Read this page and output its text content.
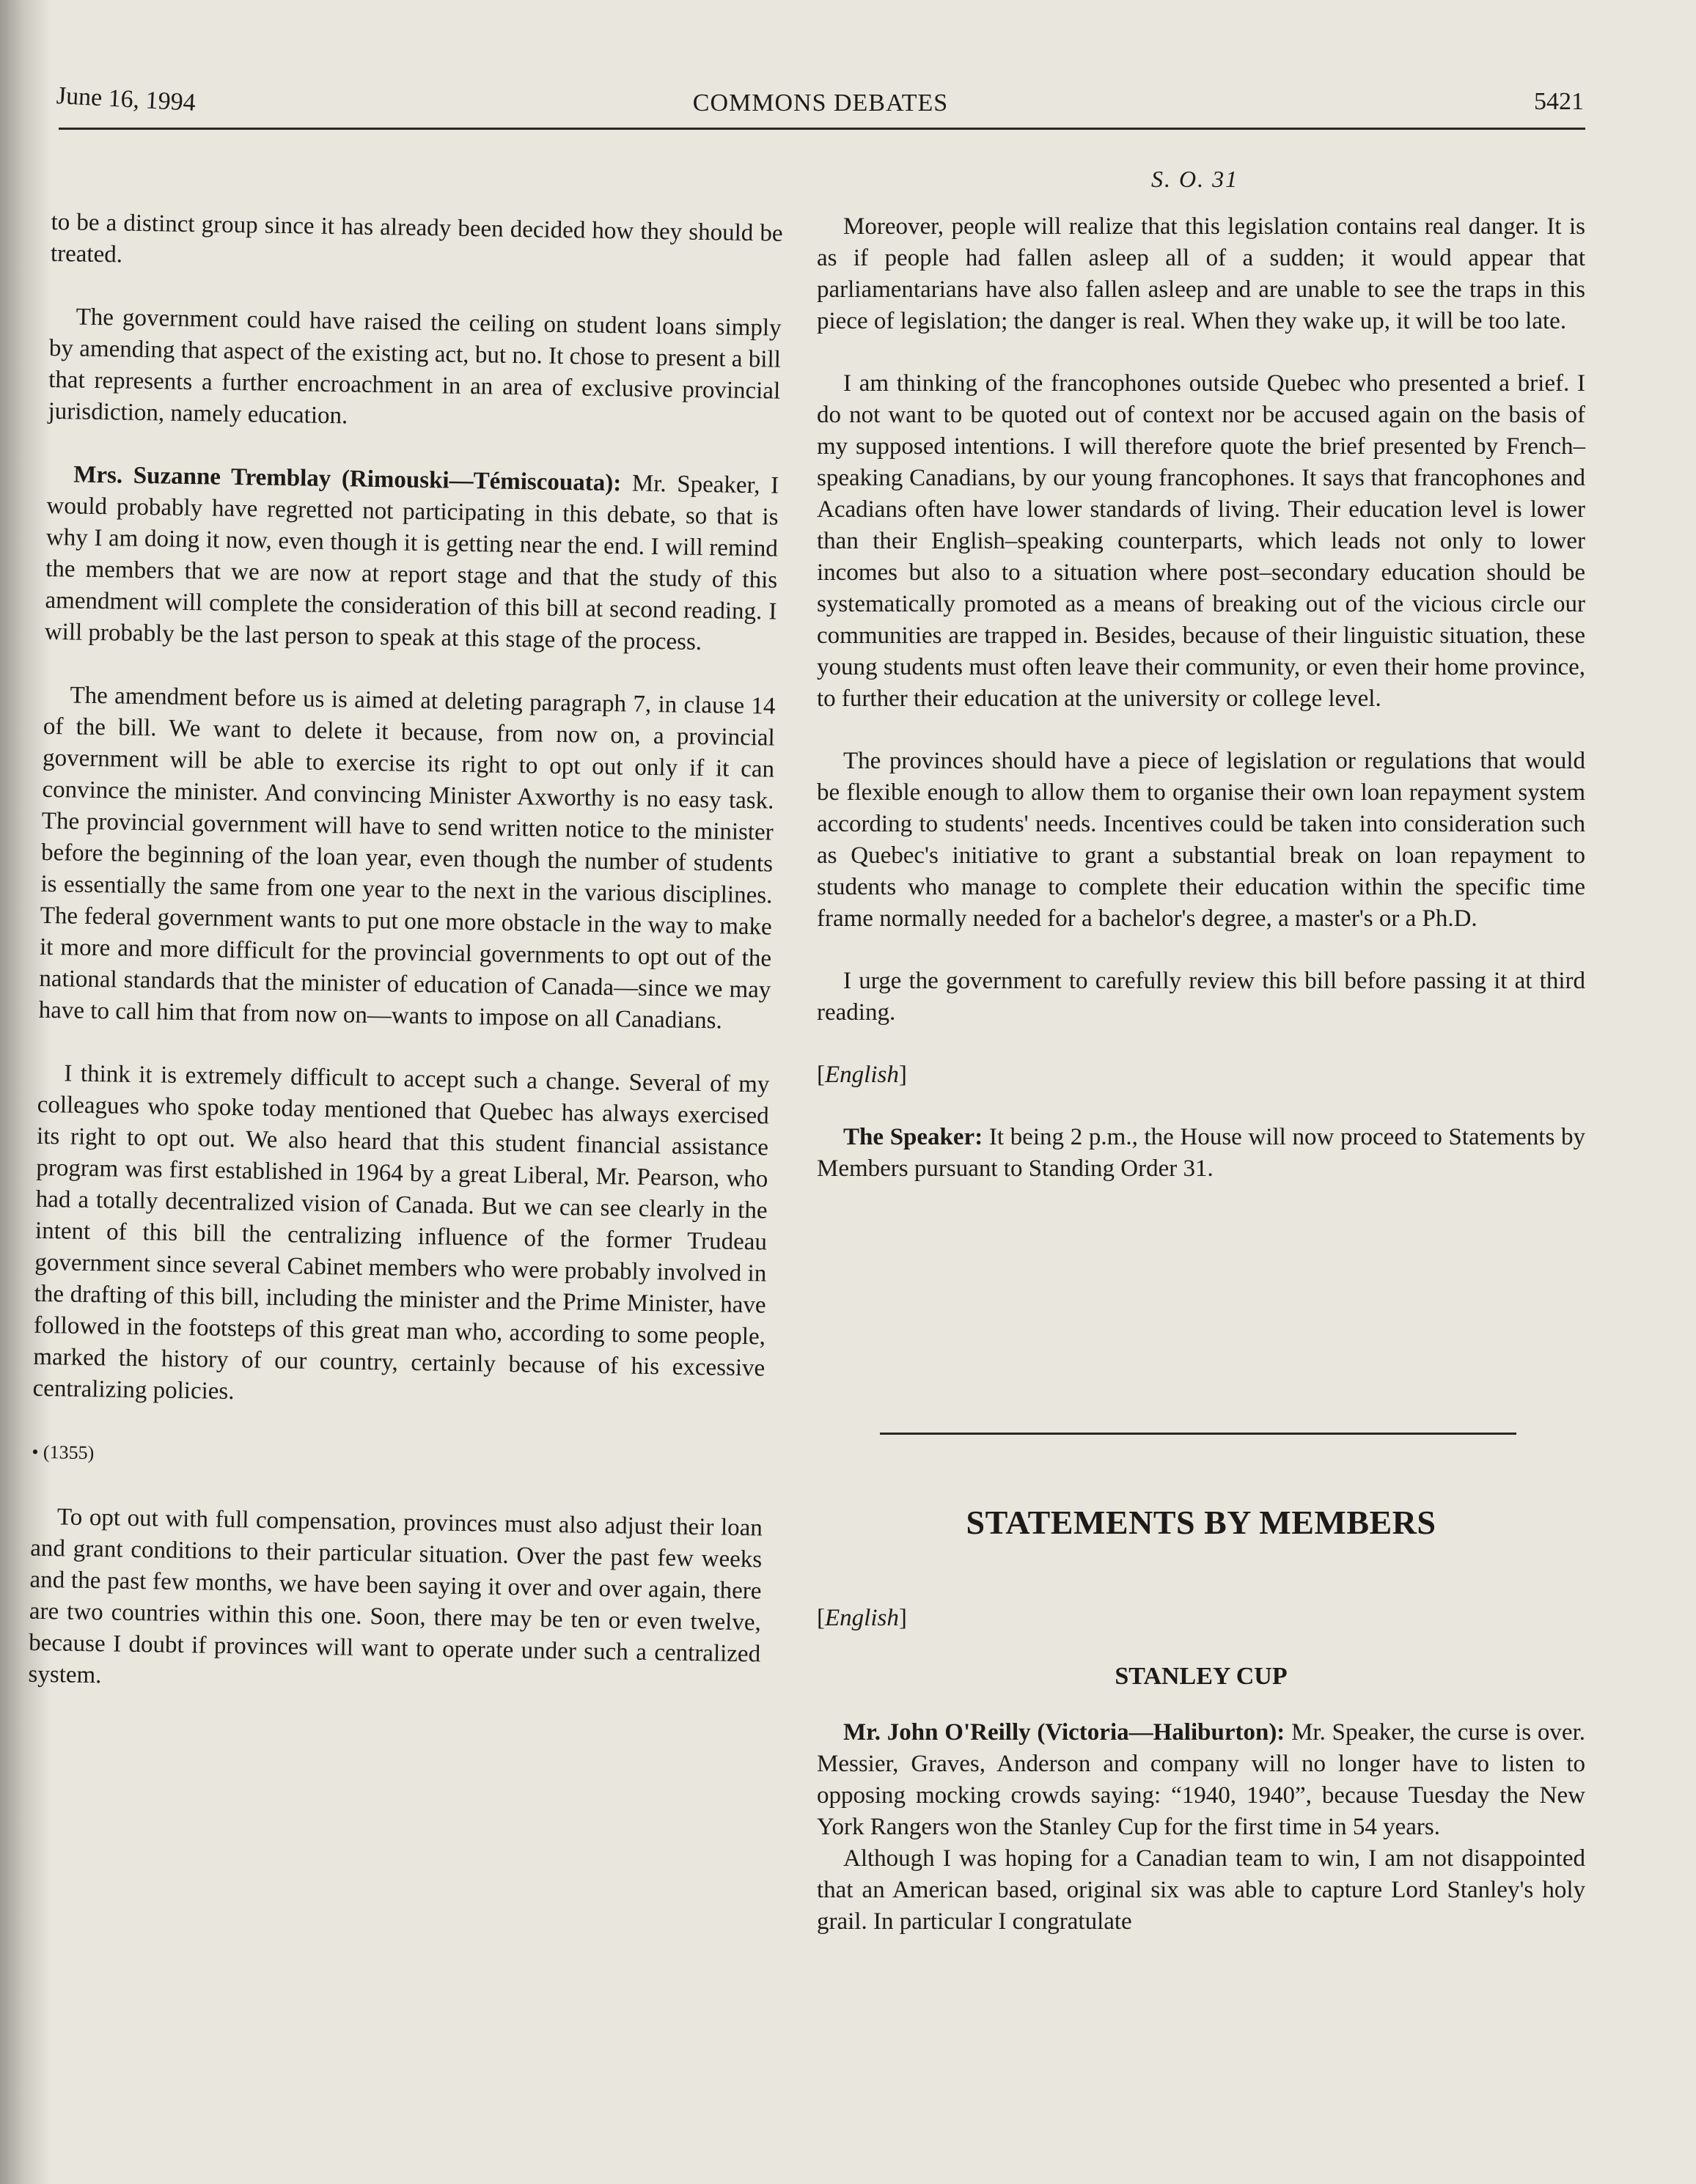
June 16, 1994	COMMONS DEBATES	5421

to be a distinct group since it has already been decided how they should be treated.

The government could have raised the ceiling on student loans simply by amending that aspect of the existing act, but no. It chose to present a bill that represents a further encroachment in an area of exclusive provincial jurisdiction, namely education.

Mrs. Suzanne Tremblay (Rimouski—Témiscouata): Mr. Speaker, I would probably have regretted not participating in this debate, so that is why I am doing it now, even though it is getting near the end. I will remind the members that we are now at report stage and that the study of this amendment will complete the consideration of this bill at second reading. I will probably be the last person to speak at this stage of the process.

The amendment before us is aimed at deleting paragraph 7, in clause 14 of the bill. We want to delete it because, from now on, a provincial government will be able to exercise its right to opt out only if it can convince the minister. And convincing Minister Axworthy is no easy task. The provincial government will have to send written notice to the minister before the beginning of the loan year, even though the number of students is essentially the same from one year to the next in the various disciplines. The federal government wants to put one more obstacle in the way to make it more and more difficult for the provincial governments to opt out of the national standards that the minister of education of Canada—since we may have to call him that from now on—wants to impose on all Canadians.

I think it is extremely difficult to accept such a change. Several of my colleagues who spoke today mentioned that Quebec has always exercised its right to opt out. We also heard that this student financial assistance program was first established in 1964 by a great Liberal, Mr. Pearson, who had a totally decentralized vision of Canada. But we can see clearly in the intent of this bill the centralizing influence of the former Trudeau government since several Cabinet members who were probably involved in the drafting of this bill, including the minister and the Prime Minister, have followed in the footsteps of this great man who, according to some people, marked the history of our country, certainly because of his excessive centralizing policies.

• (1355)

To opt out with full compensation, provinces must also adjust their loan and grant conditions to their particular situation. Over the past few weeks and the past few months, we have been saying it over and over again, there are two countries within this one. Soon, there may be ten or even twelve, because I doubt if provinces will want to operate under such a centralized system.

S. O. 31

Moreover, people will realize that this legislation contains real danger. It is as if people had fallen asleep all of a sudden; it would appear that parliamentarians have also fallen asleep and are unable to see the traps in this piece of legislation; the danger is real. When they wake up, it will be too late.

I am thinking of the francophones outside Quebec who presented a brief. I do not want to be quoted out of context nor be accused again on the basis of my supposed intentions. I will therefore quote the brief presented by French–speaking Canadians, by our young francophones. It says that francophones and Acadians often have lower standards of living. Their education level is lower than their English–speaking counterparts, which leads not only to lower incomes but also to a situation where post–secondary education should be systematically promoted as a means of breaking out of the vicious circle our communities are trapped in. Besides, because of their linguistic situation, these young students must often leave their community, or even their home province, to further their education at the university or college level.

The provinces should have a piece of legislation or regulations that would be flexible enough to allow them to organise their own loan repayment system according to students' needs. Incentives could be taken into consideration such as Quebec's initiative to grant a substantial break on loan repayment to students who manage to complete their education within the specific time frame normally needed for a bachelor's degree, a master's or a Ph.D.

I urge the government to carefully review this bill before passing it at third reading.

[ English ]

The Speaker: It being 2 p.m., the House will now proceed to Statements by Members pursuant to Standing Order 31.

STATEMENTS BY MEMBERS

[ English ]

STANLEY CUP

Mr. John O'Reilly (Victoria—Haliburton): Mr. Speaker, the curse is over. Messier, Graves, Anderson and company will no longer have to listen to opposing mocking crowds saying: “1940, 1940”, because Tuesday the New York Rangers won the Stanley Cup for the first time in 54 years.

Although I was hoping for a Canadian team to win, I am not disappointed that an American based, original six was able to capture Lord Stanley's holy grail. In particular I congratulate
